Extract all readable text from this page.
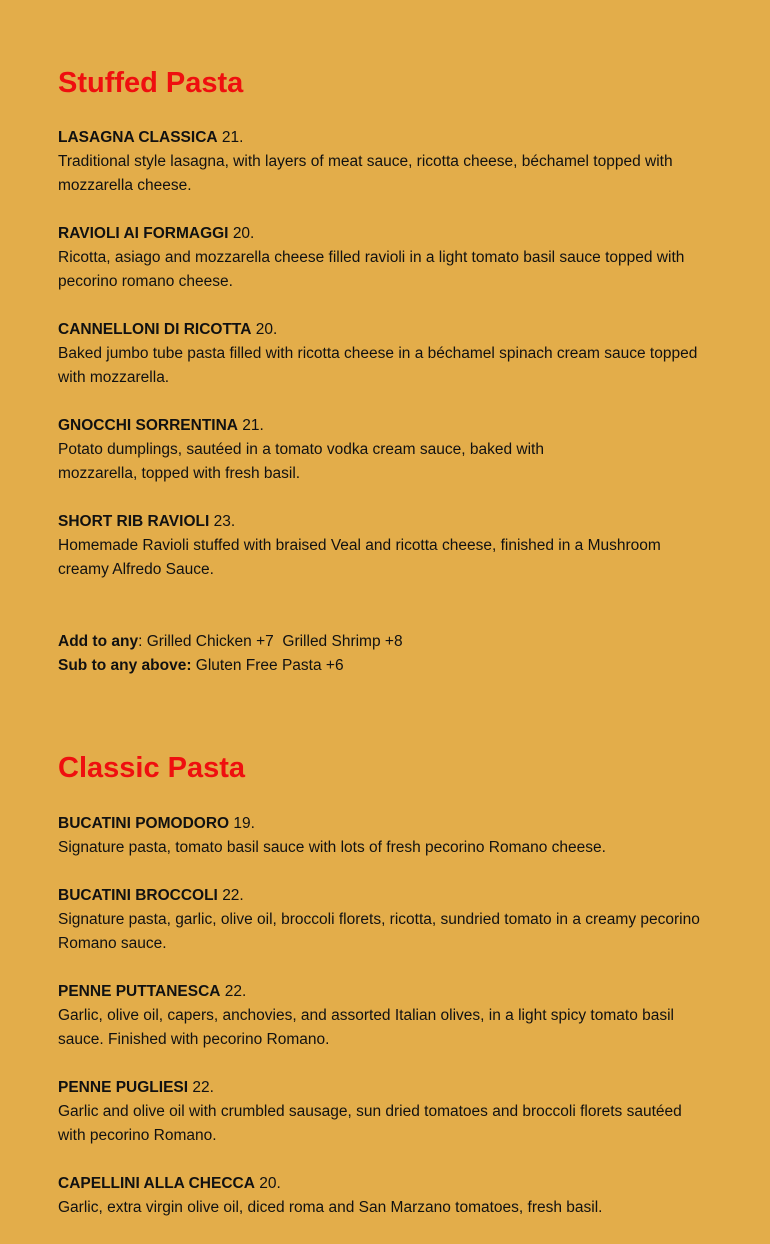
Stuffed Pasta
LASAGNA CLASSICA 21.
Traditional style lasagna, with layers of meat sauce, ricotta cheese, béchamel topped with mozzarella cheese.
RAVIOLI AI FORMAGGI 20.
Ricotta, asiago and mozzarella cheese filled ravioli in a light tomato basil sauce topped with pecorino romano cheese.
CANNELLONI DI RICOTTA 20.
Baked jumbo tube pasta filled with ricotta cheese in a béchamel spinach cream sauce topped with mozzarella.
GNOCCHI SORRENTINA 21.
Potato dumplings, sautéed in a tomato vodka cream sauce, baked with mozzarella, topped with fresh basil.
SHORT RIB RAVIOLI 23.
Homemade Ravioli stuffed with braised Veal and ricotta cheese, finished in a Mushroom creamy Alfredo Sauce.
Add to any: Grilled Chicken +7  Grilled Shrimp +8
Sub to any above: Gluten Free Pasta +6
Classic Pasta
BUCATINI POMODORO 19.
Signature pasta, tomato basil sauce with lots of fresh pecorino Romano cheese.
BUCATINI BROCCOLI 22.
Signature pasta, garlic, olive oil, broccoli florets, ricotta, sundried tomato in a creamy pecorino Romano sauce.
PENNE PUTTANESCA 22.
Garlic, olive oil, capers, anchovies, and assorted Italian olives, in a light spicy tomato basil sauce. Finished with pecorino Romano.
PENNE PUGLIESI 22.
Garlic and olive oil with crumbled sausage, sun dried tomatoes and broccoli florets sautéed with pecorino Romano.
CAPELLINI ALLA CHECCA 20.
Garlic, extra virgin olive oil, diced roma and San Marzano tomatoes, fresh basil.
